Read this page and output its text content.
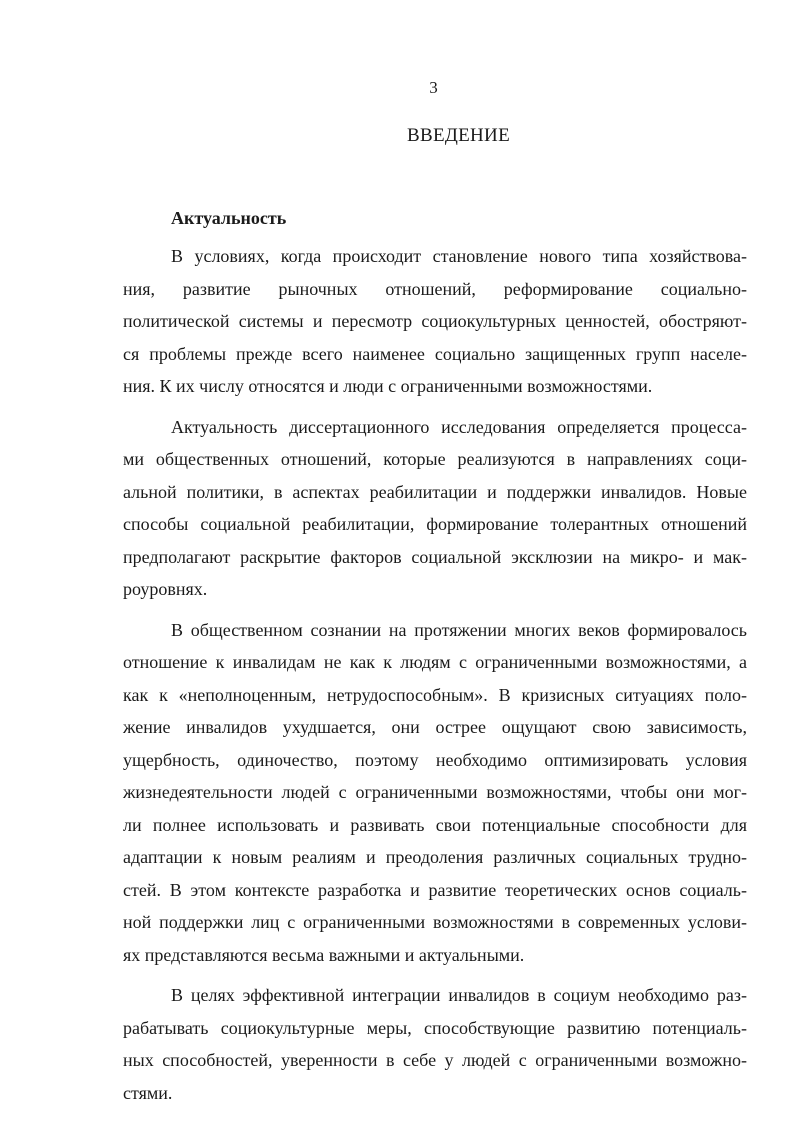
3
ВВЕДЕНИЕ
Актуальность

В условиях, когда происходит становление нового типа хозяйствова-
ния, развитие рыночных отношений, реформирование социально-
политической системы и пересмотр социокультурных ценностей, обостряют-
ся проблемы прежде всего наименее социально защищенных групп населе-
ния. К их числу относятся и люди с ограниченными возможностями.

Актуальность диссертационного исследования определяется процесса-
ми общественных отношений, которые реализуются в направлениях соци-
альной политики, в аспектах реабилитации и поддержки инвалидов. Новые
способы социальной реабилитации, формирование толерантных отношений
предполагают раскрытие факторов социальной эксклюзии на микро- и мак-
роуровнях.

В общественном сознании на протяжении многих веков формировалось
отношение к инвалидам не как к людям с ограниченными возможностями, а
как к «неполноценным, нетрудоспособным». В кризисных ситуациях поло-
жение инвалидов ухудшается, они острее ощущают свою зависимость,
ущербность, одиночество, поэтому необходимо оптимизировать условия
жизнедеятельности людей с ограниченными возможностями, чтобы они мог-
ли полнее использовать и развивать свои потенциальные способности для
адаптации к новым реалиям и преодоления различных социальных трудно-
стей. В этом контексте разработка и развитие теоретических основ социаль-
ной поддержки лиц с ограниченными возможностями в современных услови-
ях представляются весьма важными и актуальными.

В целях эффективной интеграции инвалидов в социум необходимо раз-
рабатывать социокультурные меры, способствующие развитию потенциаль-
ных способностей, уверенности в себе у людей с ограниченными возможно-
стями.
